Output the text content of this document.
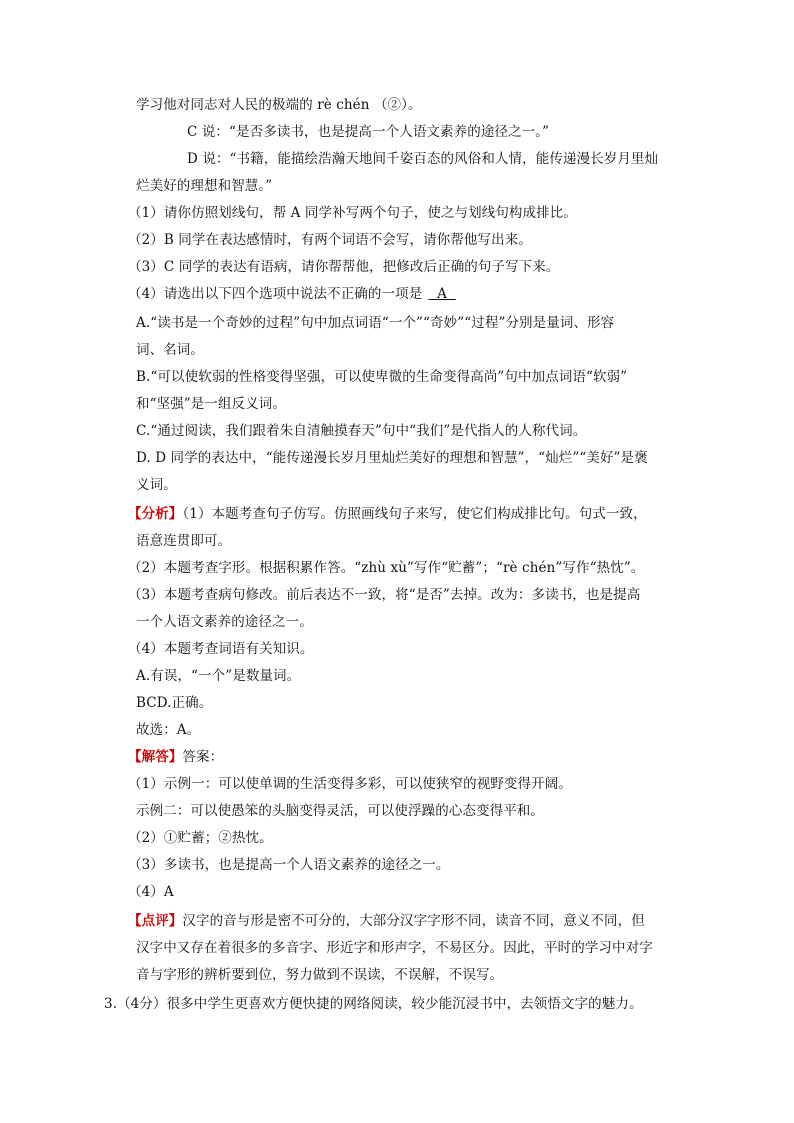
学习他对同志对人民的极端的 rè chén （②）。
C 说：“是否多读书，也是提高一个人语文素养的途径之一。”
D 说：“书籍，能描绘浩瀚天地间千姿百态的风俗和人情，能传递漫长岁月里灿
烂美好的理想和智慧。”
（1）请你仿照划线句，帮 A 同学补写两个句子，使之与划线句构成排比。
（2）B 同学在表达感情时，有两个词语不会写，请你帮他写出来。
（3）C 同学的表达有语病，请你帮帮他，把修改后正确的句子写下来。
（4）请选出以下四个选项中说法不正确的一项是  A
A.“读书是一个奇妙的过程”句中加点词语“一个”“奇妙”“过程”分别是量词、形容
词、名词。
B.“可以使软弱的性格变得坚强，可以使卑微的生命变得高尚”句中加点词语“软弱”
和“坚强”是一组反义词。
C.“通过阅读，我们跟着朱自清触摸春天”句中“我们”是代指人的人称代词。
D. D 同学的表达中，“能传递漫长岁月里灿烂美好的理想和智慧”，“灿烂”“美好”是褒
义词。
【分析】（1）本题考查句子仿写。仿照画线句子来写，使它们构成排比句。句式一致，
语意连贯即可。
（2）本题考查字形。根据积累作答。“zhù xù”写作“贮蓄”；“rè chén”写作“热忱”。
（3）本题考查病句修改。前后表达不一致，将“是否”去掉。改为：多读书，也是提高
一个人语文素养的途径之一。
（4）本题考查词语有关知识。
A.有误，“一个”是数量词。
BCD.正确。
故选：A。
【解答】答案：
（1）示例一：可以使单调的生活变得多彩，可以使狭窄的视野变得开阔。
示例二：可以使愚笨的头脑变得灵活，可以使浮躁的心态变得平和。
（2）①贮蓄；②热忱。
（3）多读书，也是提高一个人语文素养的途径之一。
（4）A
【点评】汉字的音与形是密不可分的，大部分汉字字形不同，读音不同，意义不同，但
汉字中又存在着很多的多音字、形近字和形声字，不易区分。因此，平时的学习中对字
音与字形的辨析要到位，努力做到不误读，不误解，不误写。
3.（4分）很多中学生更喜欢方便快捷的网络阅读，较少能沉浸书中，去领悟文字的魅力。
